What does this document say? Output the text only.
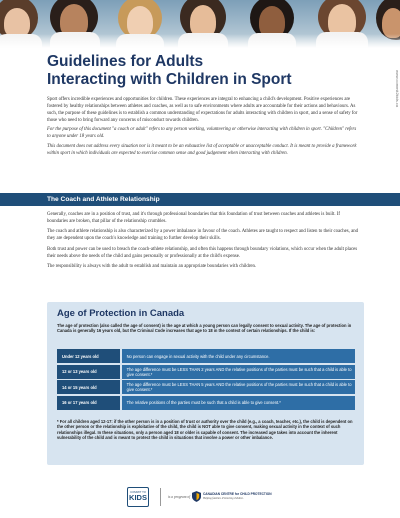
www.commit2kids.ca
Guidelines for Adults
Interacting with Children in Sport

Sport offers incredible experiences and opportunities for children. These experiences are integral to enhancing a child's development. Positive experiences are fostered by healthy relationships between athletes and coaches, as well as to safe environments where adults are accountable for their actions and behaviours. As such, the purpose of these guidelines is to establish a common understanding of expectations for adults interacting with children in sport, and a sense of safety for those who need to bring forward any concerns of misconduct towards children.

For the purpose of this document "a coach or adult" refers to any person working, volunteering or otherwise interacting with children in sport. "Children" refers to anyone under 18 years old.

This document does not address every situation nor is it meant to be an exhaustive list of acceptable or unacceptable conduct. It is meant to provide a framework within sport in which individuals are expected to exercise common sense and good judgement when interacting with children.

The Coach and Athlete Relationship

Generally, coaches are in a position of trust, and it's through professional boundaries that this foundation of trust between coaches and athletes is built. If boundaries are broken, that pillar of the relationship crumbles.

The coach and athlete relationship is also characterized by a power imbalance in favour of the coach. Athletes are taught to respect and listen to their coaches, and they are dependent upon the coach's knowledge and training to further develop their skills.

Both trust and power can be used to breach the coach-athlete relationship, and often this happens through boundary violations, which occur when the adult places their needs above the needs of the child and gains personally or professionally at the child's expense.

The responsibility is always with the adult to establish and maintain an appropriate boundaries with children.

Age of Protection in Canada
The age of protection (also called the age of consent) is the age at which a young person can legally consent to sexual activity. The age of protection in Canada is generally 16 years old, but the Criminal Code increases that age to 18 in the context of certain relationships. If the child is:
Under 12 years old	No person can engage in sexual activity with the child under any circumstance.
12 or 13 years old	The age difference must be LESS THAN 2 years AND the relative positions of the parties must be such that a child is able to give consent.*
14 or 15 years old	The age difference must be LESS THAN 5 years AND the relative positions of the parties must be such that a child is able to give consent.*
16 or 17 years old	The relative positions of the parties must be such that a child is able to give consent.*
* For all children aged 12-17: if the other person is in a position of trust or authority over the child (e.g., a coach, teacher, etc.), the child is dependent on the other person or the relationship is exploitative of the child, the child is NOT able to give consent, making sexual activity in the context of such relationships illegal. In these situations, only a person aged 18 or older is capable of consent. The increased age takes into account the inherent vulnerability of the child and is meant to protect the child in situations that involve a power or other imbalance.
COMMIT TO
KIDS	is a program of
CANADIAN CENTRE for CHILD PROTECTION
Helping families. Protecting children.
